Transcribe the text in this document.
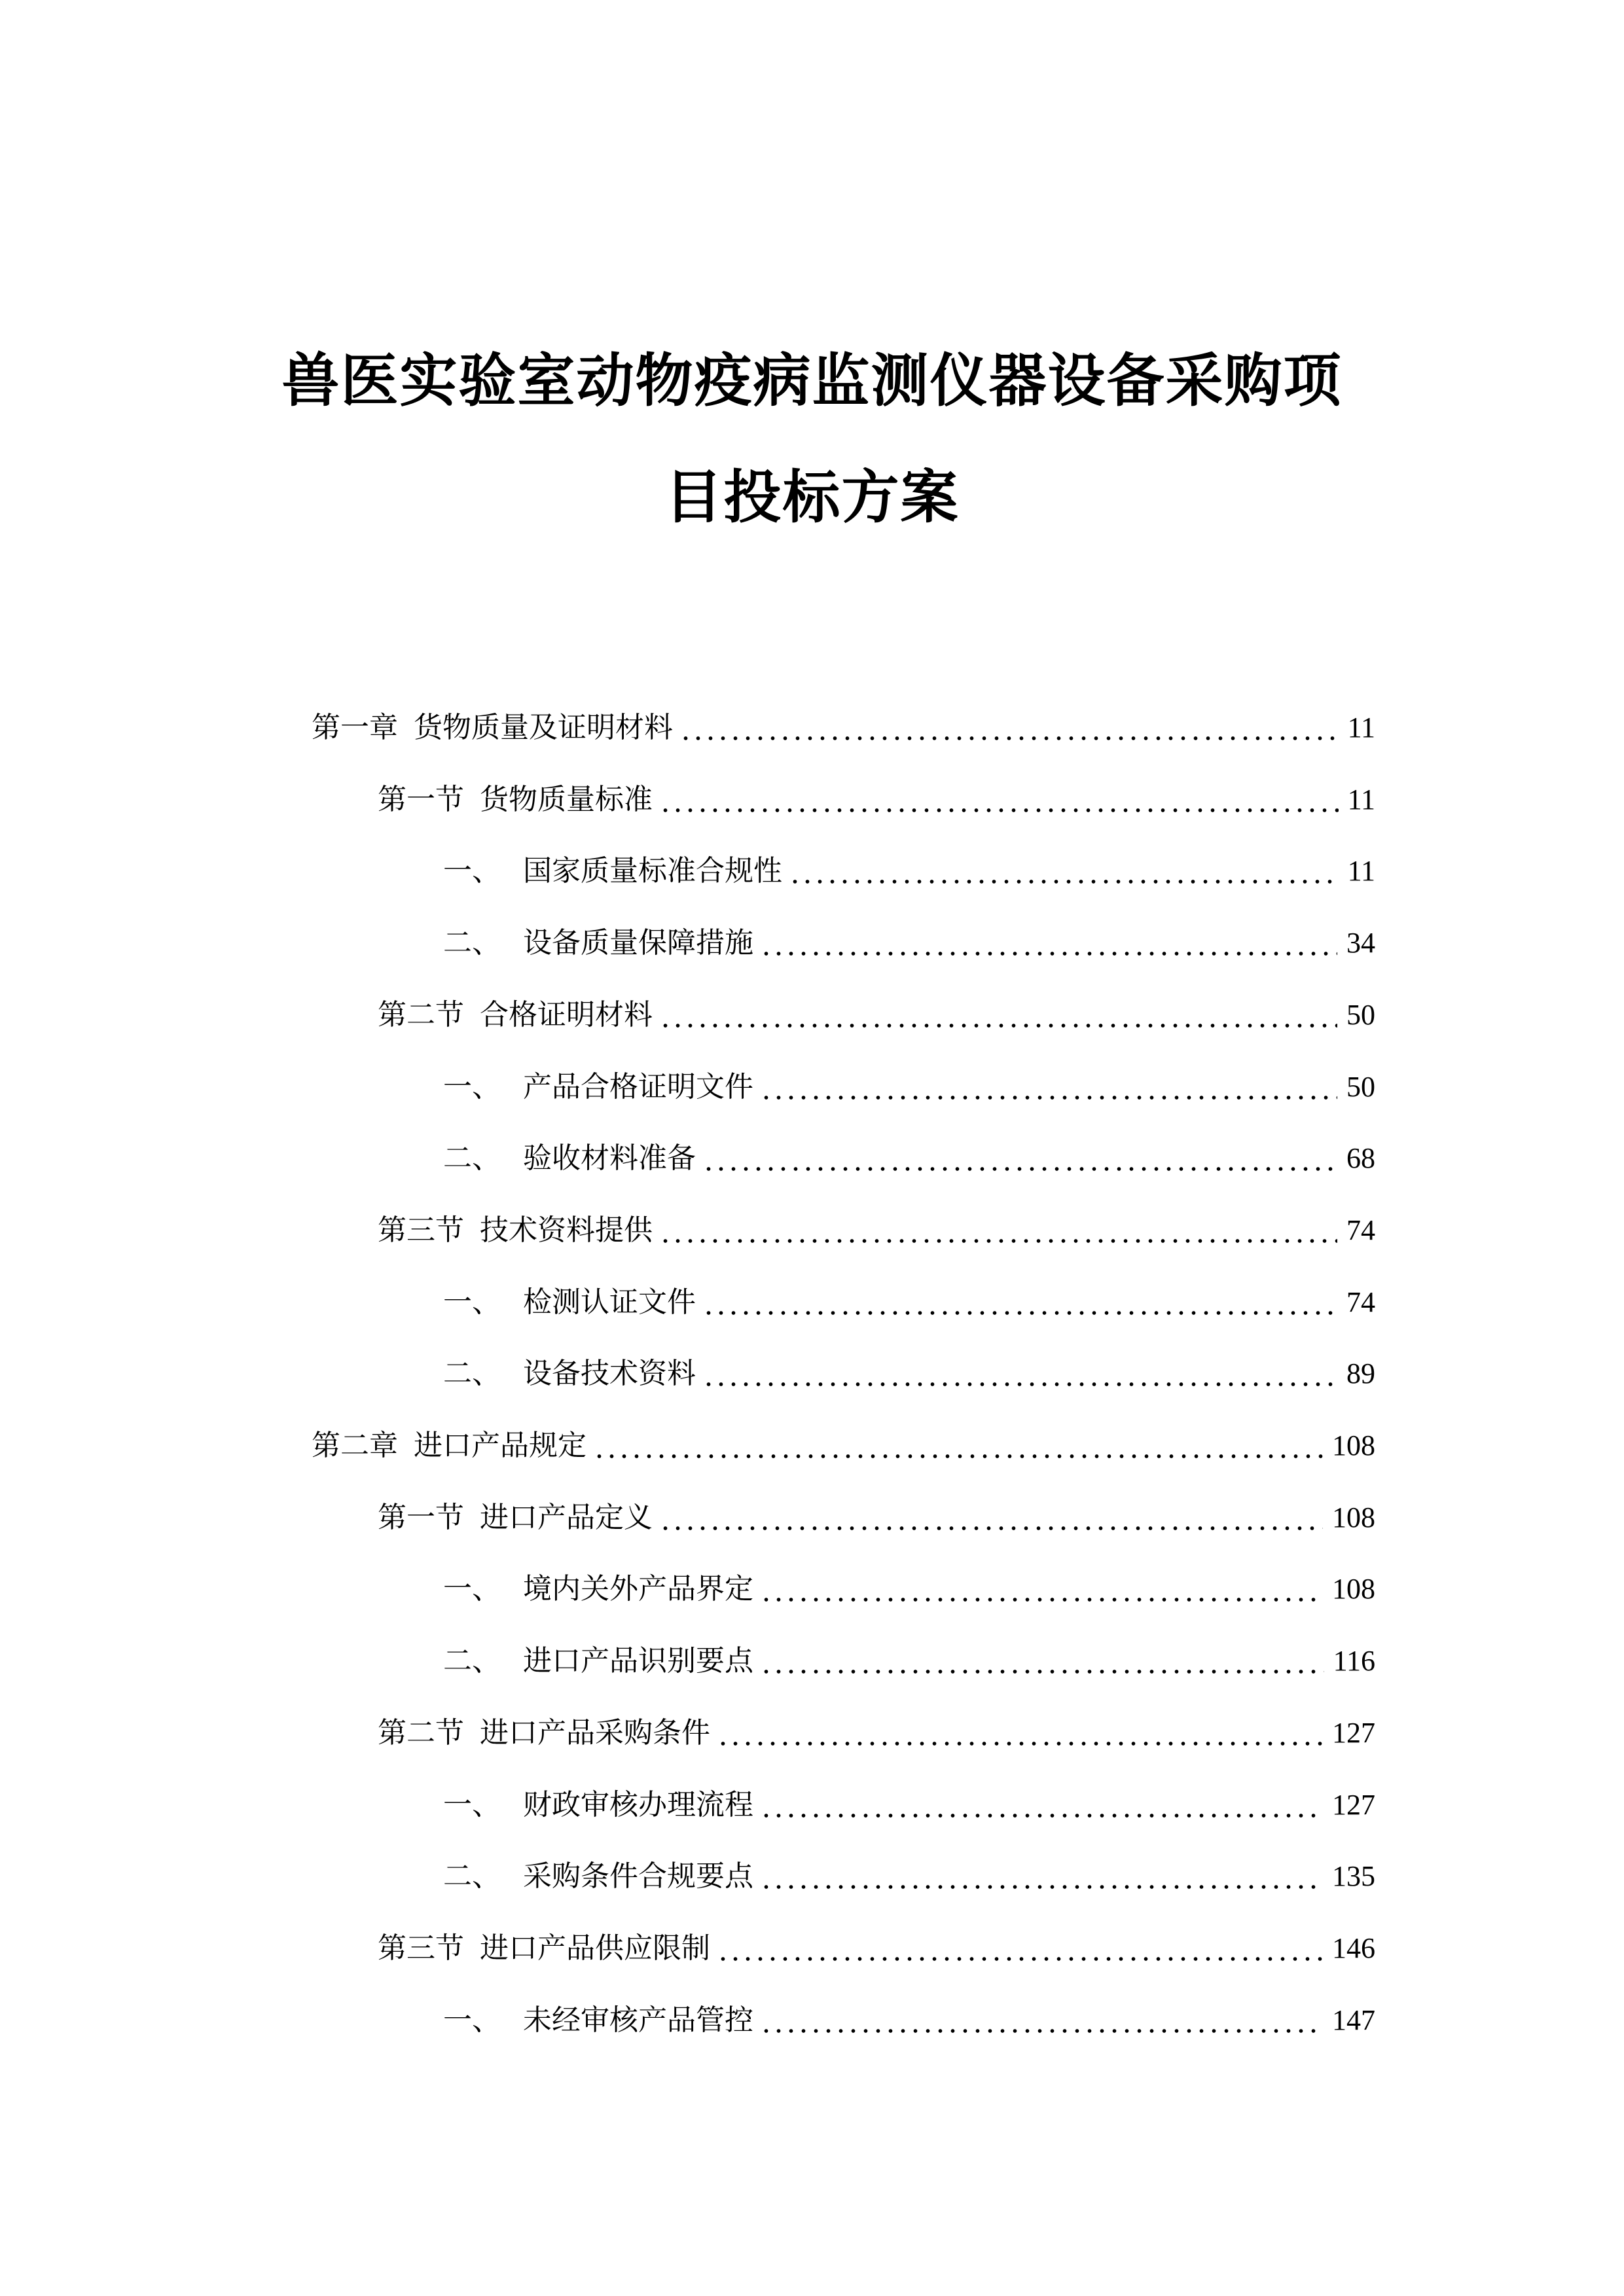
兽医实验室动物疫病监测仪器设备采购项
目投标方案
第一章 货物质量及证明材料	11
第一节 货物质量标准	11
一、 国家质量标准合规性	11
二、 设备质量保障措施	34
第二节 合格证明材料	50
一、 产品合格证明文件	50
二、 验收材料准备	68
第三节 技术资料提供	74
一、 检测认证文件	74
二、 设备技术资料	89
第二章 进口产品规定	108
第一节 进口产品定义	108
一、 境内关外产品界定	108
二、 进口产品识别要点	116
第二节 进口产品采购条件	127
一、 财政审核办理流程	127
二、 采购条件合规要点	135
第三节 进口产品供应限制	146
一、 未经审核产品管控	147
